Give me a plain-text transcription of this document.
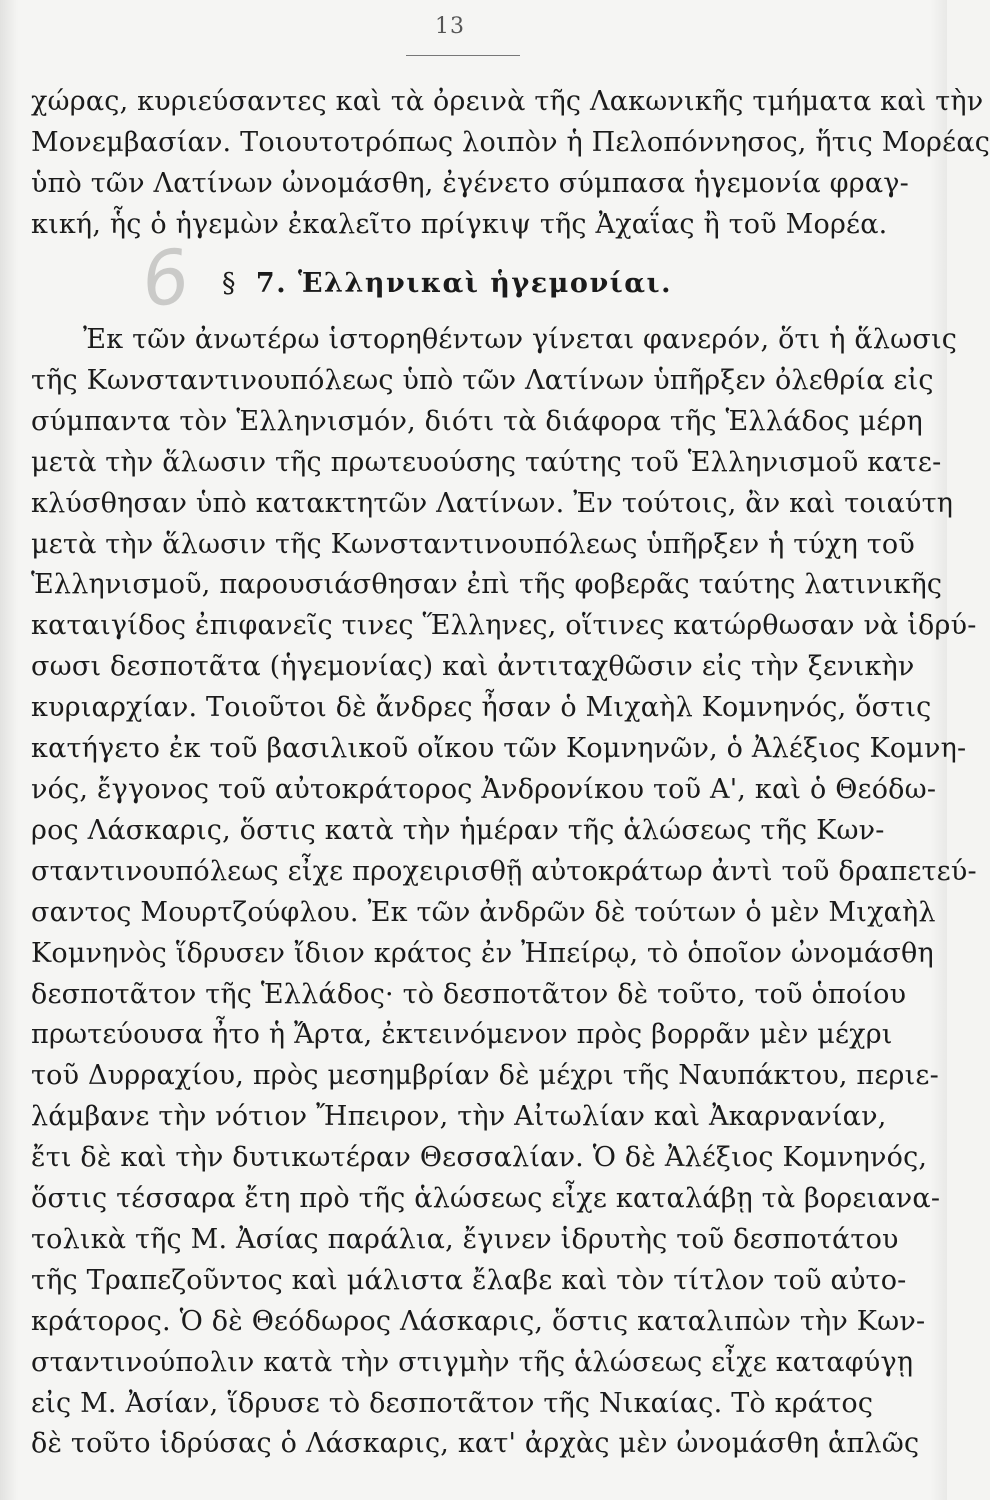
13
χώρας, κυριεύσαντες καὶ τὰ ὀρεινὰ τῆς Λακωνικῆς τμήματα καὶ τὴν
Μονεμβασίαν. Τοιουτοτρόπως λοιπὸν ἡ Πελοπόννησος, ἥτις Μορέας
ὑπὸ τῶν Λατίνων ὠνομάσθη, ἐγένετο σύμπασα ἡγεμονία φραγ-
κική, ἧς ὁ ἡγεμὼν ἐκαλεῖτο πρίγκιψ τῆς Ἀχαΐας ἢ τοῦ Μορέα.
6 § 7. Ἑλληνικαὶ ἡγεμονίαι.
Ἐκ τῶν ἀνωτέρω ἱστορηθέντων γίνεται φανερόν, ὅτι ἡ ἅλωσις
τῆς Κωνσταντινουπόλεως ὑπὸ τῶν Λατίνων ὑπῆρξεν ὀλεθρία εἰς
σύμπαντα τὸν Ἑλληνισμόν, διότι τὰ διάφορα τῆς Ἑλλάδος μέρη
μετὰ τὴν ἅλωσιν τῆς πρωτευούσης ταύτης τοῦ Ἑλληνισμοῦ κατε-
κλύσθησαν ὑπὸ κατακτητῶν Λατίνων. Ἐν τούτοις, ἂν καὶ τοιαύτη
μετὰ τὴν ἅλωσιν τῆς Κωνσταντινουπόλεως ὑπῆρξεν ἡ τύχη τοῦ
Ἑλληνισμοῦ, παρουσιάσθησαν ἐπὶ τῆς φοβερᾶς ταύτης λατινικῆς
καταιγίδος ἐπιφανεῖς τινες Ἕλληνες, οἵτινες κατώρθωσαν νὰ ἱδρύ-
σωσι δεσποτᾶτα (ἡγεμονίας) καὶ ἀντιταχθῶσιν εἰς τὴν ξενικὴν
κυριαρχίαν. Τοιοῦτοι δὲ ἄνδρες ἦσαν ὁ Μιχαὴλ Κομνηνός, ὅστις
κατήγετο ἐκ τοῦ βασιλικοῦ οἴκου τῶν Κομνηνῶν, ὁ Ἀλέξιος Κομνη-
νός, ἔγγονος τοῦ αὐτοκράτορος Ἀνδρονίκου τοῦ Α', καὶ ὁ Θεόδω-
ρος Λάσκαρις, ὅστις κατὰ τὴν ἡμέραν τῆς ἁλώσεως τῆς Κων-
σταντινουπόλεως εἶχε προχειρισθῇ αὐτοκράτωρ ἀντὶ τοῦ δραπετεύ-
σαντος Μουρτζούφλου. Ἐκ τῶν ἀνδρῶν δὲ τούτων ὁ μὲν Μιχαὴλ
Κομνηνὸς ἵδρυσεν ἴδιον κράτος ἐν Ἠπείρῳ, τὸ ὁποῖον ὠνομάσθη
δεσποτᾶτον τῆς Ἑλλάδος· τὸ δεσποτᾶτον δὲ τοῦτο, τοῦ ὁποίου
πρωτεύουσα ἦτο ἡ Ἄρτα, ἐκτεινόμενον πρὸς βορρᾶν μὲν μέχρι
τοῦ Δυρραχίου, πρὸς μεσημβρίαν δὲ μέχρι τῆς Ναυπάκτου, περιε-
λάμβανε τὴν νότιον Ἤπειρον, τὴν Αἰτωλίαν καὶ Ἀκαρνανίαν,
ἔτι δὲ καὶ τὴν δυτικωτέραν Θεσσαλίαν. Ὁ δὲ Ἀλέξιος Κομνηνός,
ὅστις τέσσαρα ἔτη πρὸ τῆς ἁλώσεως εἶχε καταλάβῃ τὰ βορειανα-
τολικὰ τῆς Μ. Ἀσίας παράλια, ἔγινεν ἱδρυτὴς τοῦ δεσποτάτου
τῆς Τραπεζοῦντος καὶ μάλιστα ἔλαβε καὶ τὸν τίτλον τοῦ αὐτο-
κράτορος. Ὁ δὲ Θεόδωρος Λάσκαρις, ὅστις καταλιπὼν τὴν Κων-
σταντινούπολιν κατὰ τὴν στιγμὴν τῆς ἁλώσεως εἶχε καταφύγῃ
εἰς Μ. Ἀσίαν, ἵδρυσε τὸ δεσποτᾶτον τῆς Νικαίας. Τὸ κράτος
δὲ τοῦτο ἱδρύσας ὁ Λάσκαρις, κατ' ἀρχὰς μὲν ὠνομάσθη ἁπλῶς
